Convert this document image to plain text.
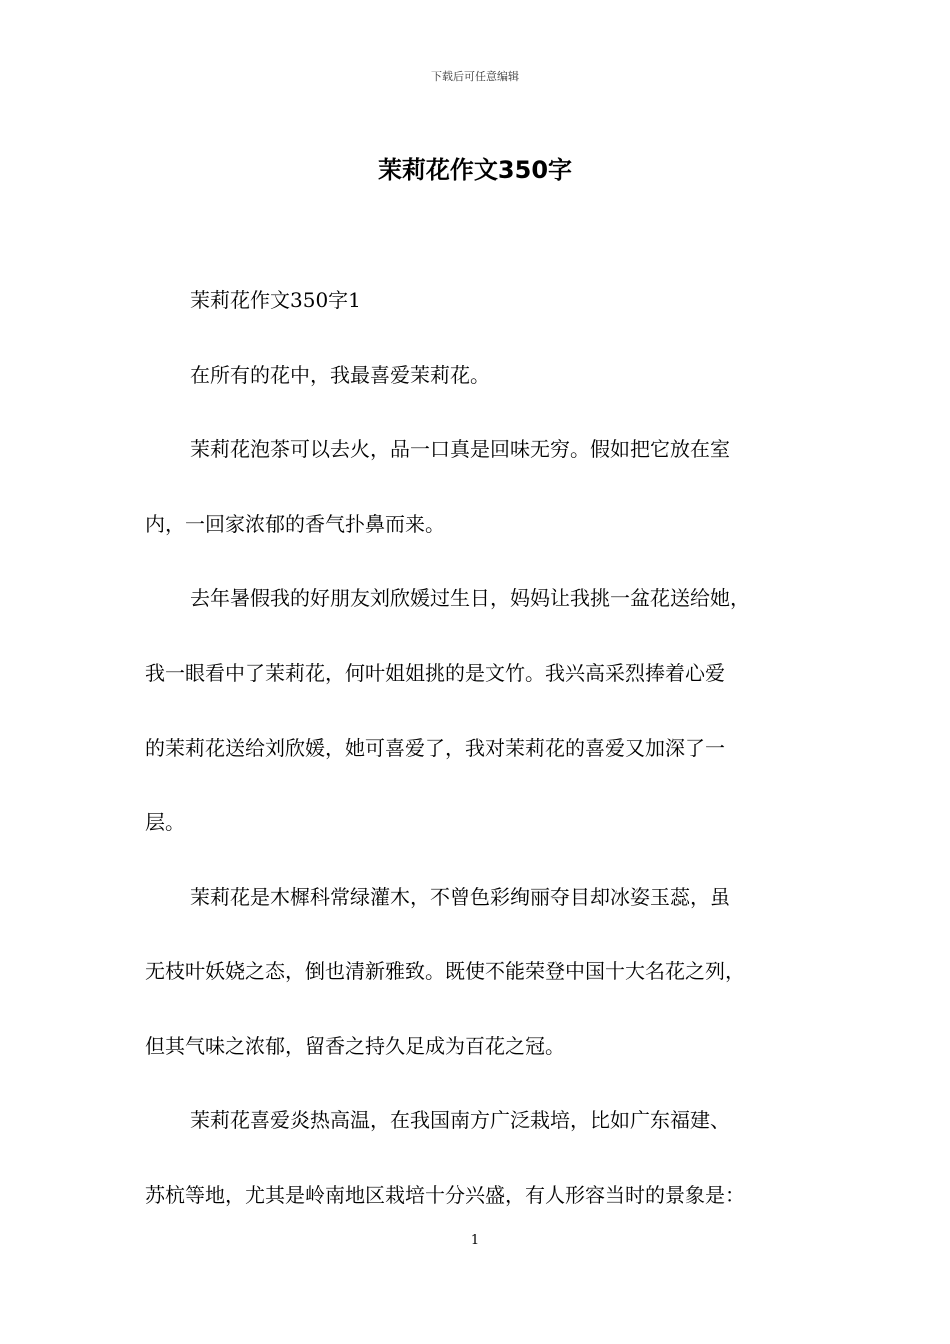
下载后可任意编辑
茉莉花作文350字
茉莉花作文350字1
在所有的花中，我最喜爱茉莉花。
茉莉花泡茶可以去火，品一口真是回味无穷。假如把它放在室
内，一回家浓郁的香气扑鼻而来。
去年暑假我的好朋友刘欣媛过生日，妈妈让我挑一盆花送给她，
我一眼看中了茉莉花，何叶姐姐挑的是文竹。我兴高采烈捧着心爱
的茉莉花送给刘欣媛，她可喜爱了，我对茉莉花的喜爱又加深了一
层。
茉莉花是木樨科常绿灌木，不曾色彩绚丽夺目却冰姿玉蕊，虽
无枝叶妖娆之态，倒也清新雅致。既使不能荣登中国十大名花之列，
但其气味之浓郁，留香之持久足成为百花之冠。
茉莉花喜爱炎热高温，在我国南方广泛栽培，比如广东福建、
苏杭等地，尤其是岭南地区栽培十分兴盛，有人形容当时的景象是：
1
